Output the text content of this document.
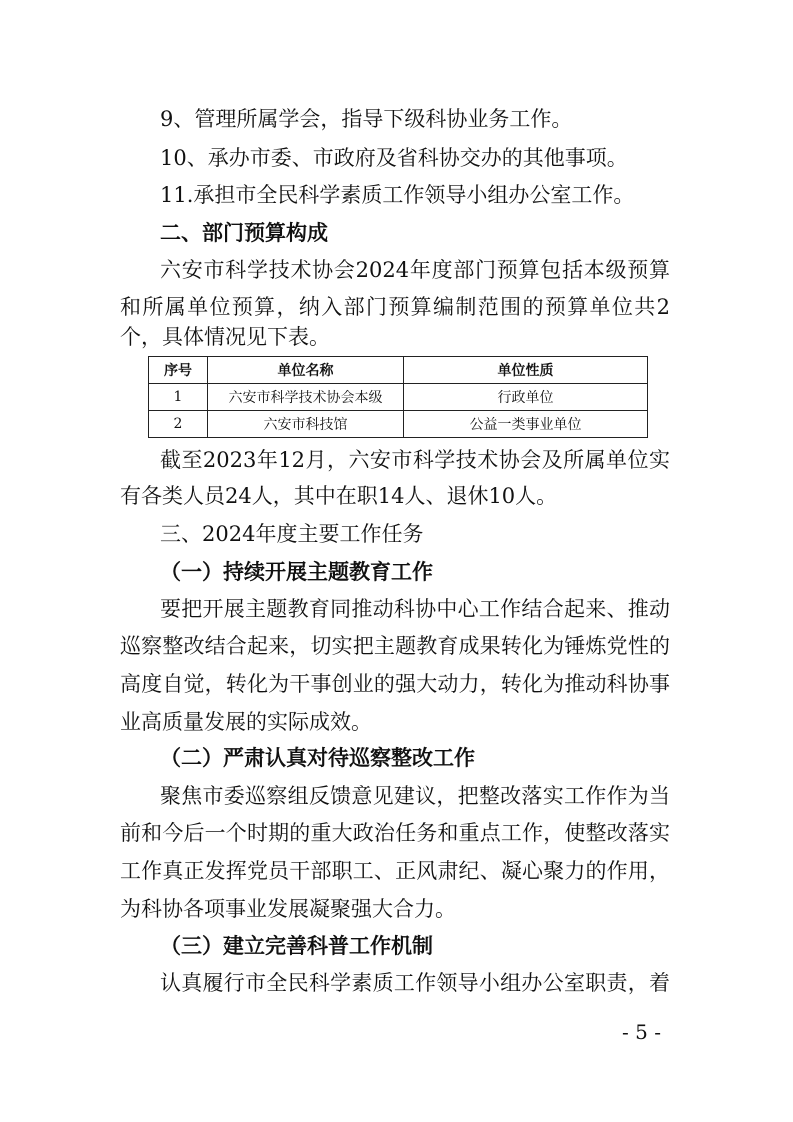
9、管理所属学会，指导下级科协业务工作。
10、承办市委、市政府及省科协交办的其他事项。
11.承担市全民科学素质工作领导小组办公室工作。
二、部门预算构成
六安市科学技术协会2024年度部门预算包括本级预算
和所属单位预算，纳入部门预算编制范围的预算单位共2
个，具体情况见下表。
序号	单位名称	单位性质
1	六安市科学技术协会本级	行政单位
2	六安市科技馆	公益一类事业单位
截至2023年12月，六安市科学技术协会及所属单位实
有各类人员24人，其中在职14人、退休10人。
三、2024年度主要工作任务
（一）持续开展主题教育工作
要把开展主题教育同推动科协中心工作结合起来、推动
巡察整改结合起来，切实把主题教育成果转化为锤炼党性的
高度自觉，转化为干事创业的强大动力，转化为推动科协事
业高质量发展的实际成效。
（二）严肃认真对待巡察整改工作
聚焦市委巡察组反馈意见建议，把整改落实工作作为当
前和今后一个时期的重大政治任务和重点工作，使整改落实
工作真正发挥党员干部职工、正风肃纪、凝心聚力的作用，
为科协各项事业发展凝聚强大合力。
（三）建立完善科普工作机制
认真履行市全民科学素质工作领导小组办公室职责，着
- 5 -
